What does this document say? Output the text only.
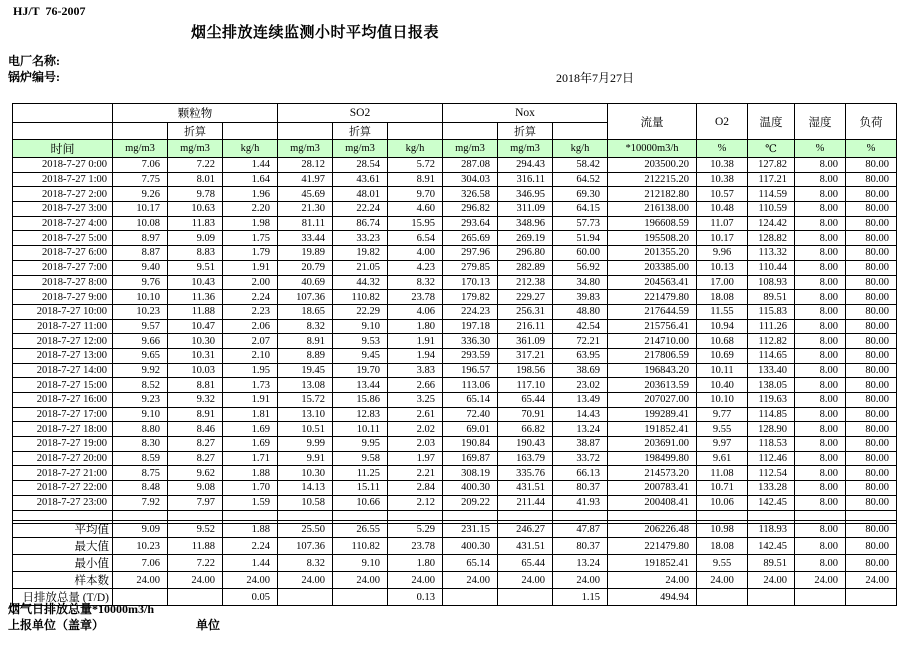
HJ/T  76-2007
烟尘排放连续监测小时平均值日报表
电厂名称:
锅炉编号:	2018年7月27日
	颗粒物			SO2			Nox			流量	O2	温度	湿度	负荷
		折算			折算			折算						
时间	mg/m3	mg/m3	kg/h	mg/m3	mg/m3	kg/h	mg/m3	mg/m3	kg/h	*10000m3/h	%	℃	%	%
2018-7-27 0:00	7.06	7.22	1.44	28.12	28.54	5.72	287.08	294.43	58.42	203500.20	10.38	127.82	8.00	80.00
2018-7-27 1:00	7.75	8.01	1.64	41.97	43.61	8.91	304.03	316.11	64.52	212215.20	10.38	117.21	8.00	80.00
2018-7-27 2:00	9.26	9.78	1.96	45.69	48.01	9.70	326.58	346.95	69.30	212182.80	10.57	114.59	8.00	80.00
2018-7-27 3:00	10.17	10.63	2.20	21.30	22.24	4.60	296.82	311.09	64.15	216138.00	10.48	110.59	8.00	80.00
2018-7-27 4:00	10.08	11.83	1.98	81.11	86.74	15.95	293.64	348.96	57.73	196608.59	11.07	124.42	8.00	80.00
2018-7-27 5:00	8.97	9.09	1.75	33.44	33.23	6.54	265.69	269.19	51.94	195508.20	10.17	128.82	8.00	80.00
2018-7-27 6:00	8.87	8.83	1.79	19.89	19.82	4.00	297.96	296.80	60.00	201355.20	9.96	113.32	8.00	80.00
2018-7-27 7:00	9.40	9.51	1.91	20.79	21.05	4.23	279.85	282.89	56.92	203385.00	10.13	110.44	8.00	80.00
2018-7-27 8:00	9.76	10.43	2.00	40.69	44.32	8.32	170.13	212.38	34.80	204563.41	17.00	108.93	8.00	80.00
2018-7-27 9:00	10.10	11.36	2.24	107.36	110.82	23.78	179.82	229.27	39.83	221479.80	18.08	89.51	8.00	80.00
2018-7-27 10:00	10.23	11.88	2.23	18.65	22.29	4.06	224.23	256.31	48.80	217644.59	11.55	115.83	8.00	80.00
2018-7-27 11:00	9.57	10.47	2.06	8.32	9.10	1.80	197.18	216.11	42.54	215756.41	10.94	111.26	8.00	80.00
2018-7-27 12:00	9.66	10.30	2.07	8.91	9.53	1.91	336.30	361.09	72.21	214710.00	10.68	112.82	8.00	80.00
2018-7-27 13:00	9.65	10.31	2.10	8.89	9.45	1.94	293.59	317.21	63.95	217806.59	10.69	114.65	8.00	80.00
2018-7-27 14:00	9.92	10.03	1.95	19.45	19.70	3.83	196.57	198.56	38.69	196843.20	10.11	133.40	8.00	80.00
2018-7-27 15:00	8.52	8.81	1.73	13.08	13.44	2.66	113.06	117.10	23.02	203613.59	10.40	138.05	8.00	80.00
2018-7-27 16:00	9.23	9.32	1.91	15.72	15.86	3.25	65.14	65.44	13.49	207027.00	10.10	119.63	8.00	80.00
2018-7-27 17:00	9.10	8.91	1.81	13.10	12.83	2.61	72.40	70.91	14.43	199289.41	9.77	114.85	8.00	80.00
2018-7-27 18:00	8.80	8.46	1.69	10.51	10.11	2.02	69.01	66.82	13.24	191852.41	9.55	128.90	8.00	80.00
2018-7-27 19:00	8.30	8.27	1.69	9.99	9.95	2.03	190.84	190.43	38.87	203691.00	9.97	118.53	8.00	80.00
2018-7-27 20:00	8.59	8.27	1.71	9.91	9.58	1.97	169.87	163.79	33.72	198499.80	9.61	112.46	8.00	80.00
2018-7-27 21:00	8.75	9.62	1.88	10.30	11.25	2.21	308.19	335.76	66.13	214573.20	11.08	112.54	8.00	80.00
2018-7-27 22:00	8.48	9.08	1.70	14.13	15.11	2.84	400.30	431.51	80.37	200783.41	10.71	133.28	8.00	80.00
2018-7-27 23:00	7.92	7.97	1.59	10.58	10.66	2.12	209.22	211.44	41.93	200408.41	10.06	142.45	8.00	80.00

平均值	9.09	9.52	1.88	25.50	26.55	5.29	231.15	246.27	47.87	206226.48	10.98	118.93	8.00	80.00
最大值	10.23	11.88	2.24	107.36	110.82	23.78	400.30	431.51	80.37	221479.80	18.08	142.45	8.00	80.00
最小值	7.06	7.22	1.44	8.32	9.10	1.80	65.14	65.44	13.24	191852.41	9.55	89.51	8.00	80.00
样本数	24.00	24.00	24.00	24.00	24.00	24.00	24.00	24.00	24.00	24.00	24.00	24.00	24.00	24.00
日排放总量 (T/D)			0.05			0.13			1.15	494.94				
烟气日排放总量*10000m3/h
上报单位（盖章）	单位
